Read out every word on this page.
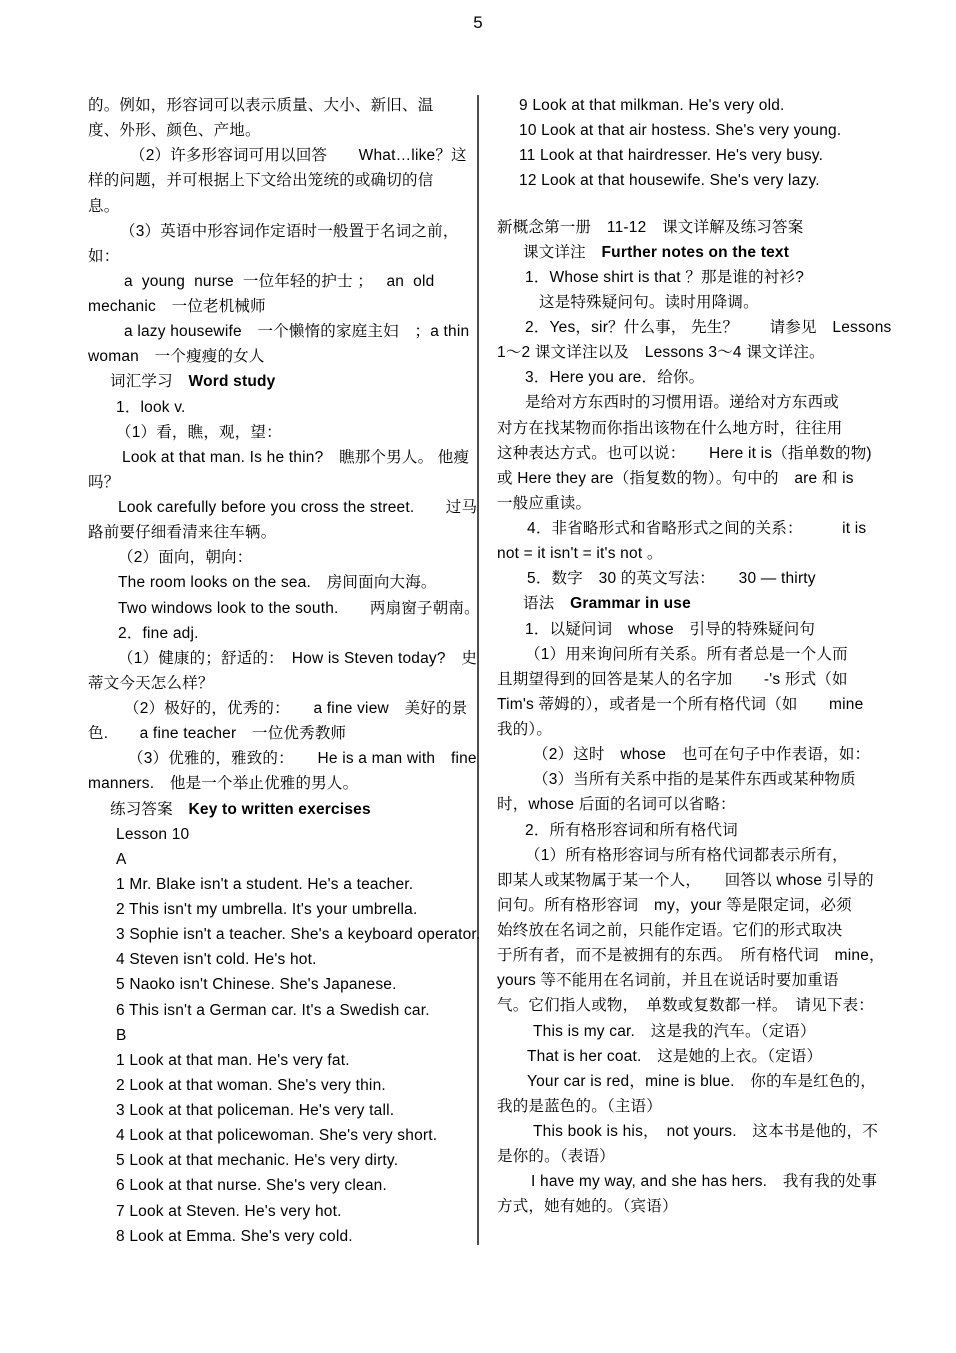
5
的。例如，形容词可以表示质量、大小、新旧、温
度、外形、颜色、产地。
（2）许多形容词可用以回答　　What…like？这
样的问题，并可根据上下文给出笼统的或确切的信
息。
（3）英语中形容词作定语时一般置于名词之前，
如：
a  young  nurse  一位年轻的护士 ；   an  old
mechanic　一位老机械师
a lazy housewife　一个懒惰的家庭主妇　；a thin
woman　一个瘦瘦的女人
词汇学习　Word study
1．look v.
（1）看，瞧，观，望：
Look at that man. Is he thin?　瞧那个男人。 他瘦
吗？
Look carefully before you cross the street.　　过马
路前要仔细看清来往车辆。
（2）面向，朝向：
The room looks on the sea.　房间面向大海。
Two windows look to the south.　　两扇窗子朝南。
2．fine adj.
（1）健康的；舒适的：　How is Steven today?　史
蒂文今天怎么样？
（2）极好的，优秀的：　　a fine view　美好的景
色.　　a fine teacher　一位优秀教师
（3）优雅的，雅致的：　　He is a man with　fine
manners.　他是一个举止优雅的男人。
练习答案　Key to written exercises
Lesson 10
A
1 Mr. Blake isn't a student. He's a teacher.
2 This isn't my umbrella. It's your umbrella.
3 Sophie isn't a teacher. She's a keyboard operator.
4 Steven isn't cold. He's hot.
5 Naoko isn't Chinese. She's Japanese.
6 This isn't a German car. It's a Swedish car.
B
1 Look at that man. He's very fat.
2 Look at that woman. She's very thin.
3 Look at that policeman. He's very tall.
4 Look at that policewoman. She's very short.
5 Look at that mechanic. He's very dirty.
6 Look at that nurse. She's very clean.
7 Look at Steven. He's very hot.
8 Look at Emma. She's very cold.
9 Look at that milkman. He's very old.
10 Look at that air hostess. She's very young.
11 Look at that hairdresser. He's very busy.
12 Look at that housewife. She's very lazy.
新概念第一册　11-12　课文详解及练习答案
课文详注　Further notes on the text
1．Whose shirt is that ？那是谁的衬衫?
这是特殊疑问句。读时用降调。
2．Yes，sir？什么事， 先生？　　请参见　Lessons
1～2 课文详注以及　Lessons 3～4 课文详注。
3．Here you are．给你。
是给对方东西时的习惯用语。递给对方东西或
对方在找某物而你指出该物在什么地方时，往往用
这种表达方式。也可以说：　　Here it is（指单数的物)
或 Here they are（指复数的物）。句中的　are 和 is
一般应重读。
4．非省略形式和省略形式之间的关系：　　　it is
not = it isn't = it's not 。
5．数字　30 的英文写法：　　30 — thirty
语法　Grammar in use
1．以疑问词　whose　引导的特殊疑问句
（1）用来询问所有关系。所有者总是一个人而
且期望得到的回答是某人的名字加　　-'s 形式（如
Tim's 蒂姆的），或者是一个所有格代词（如　　mine
我的）。
（2）这时　whose　也可在句子中作表语，如：
（3）当所有关系中指的是某件东西或某种物质
时，whose 后面的名词可以省略：
2．所有格形容词和所有格代词
（1）所有格形容词与所有格代词都表示所有，
即某人或某物属于某一个人，　　回答以 whose 引导的
问句。所有格形容词　my，your 等是限定词，必须
始终放在名词之前，只能作定语。它们的形式取决
于所有者，而不是被拥有的东西。　所有格代词　mine，
yours 等不能用在名词前，并且在说话时要加重语
气。它们指人或物，　单数或复数都一样。　请见下表：
This is my car.　这是我的汽车。（定语）
That is her coat.　这是她的上衣。（定语）
Your car is red，mine is blue.　你的车是红色的，
我的是蓝色的。（主语）
This book is his，　not yours.　这本书是他的，不
是你的。（表语）
I have my way, and she has hers.　我有我的处事
方式，她有她的。（宾语）
